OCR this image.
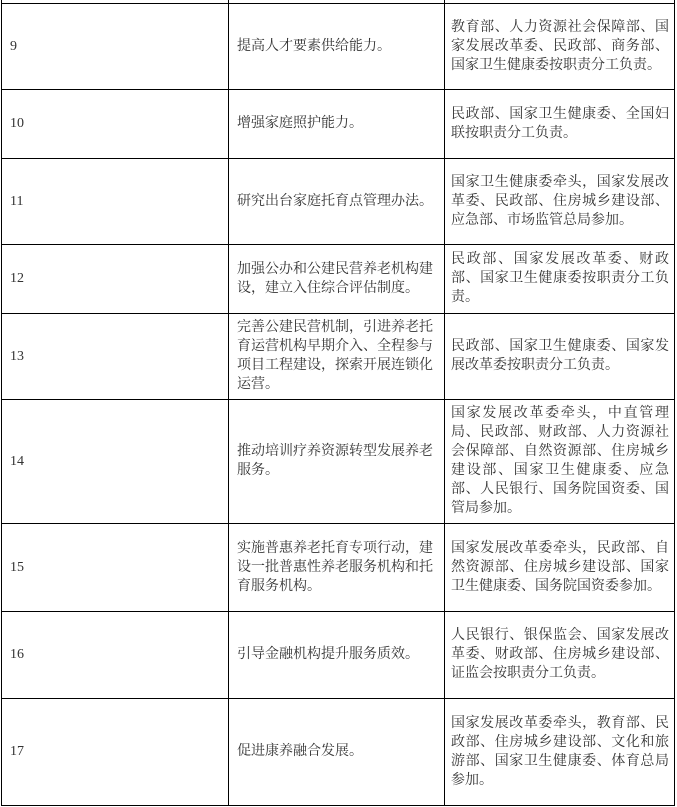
9	提高人才要素供给能力。	教育部、人力资源社会保障部、国家发展改革委、民政部、商务部、国家卫生健康委按职责分工负责。
10	增强家庭照护能力。	民政部、国家卫生健康委、全国妇联按职责分工负责。
11	研究出台家庭托育点管理办法。	国家卫生健康委牵头，国家发展改革委、民政部、住房城乡建设部、应急部、市场监管总局参加。
12	加强公办和公建民营养老机构建设，建立入住综合评估制度。	民政部、国家发展改革委、财政部、国家卫生健康委按职责分工负责。
13	完善公建民营机制，引进养老托育运营机构早期介入、全程参与项目工程建设，探索开展连锁化运营。	民政部、国家卫生健康委、国家发展改革委按职责分工负责。
14	推动培训疗养资源转型发展养老服务。	国家发展改革委牵头，中直管理局、民政部、财政部、人力资源社会保障部、自然资源部、住房城乡建设部、国家卫生健康委、应急部、人民银行、国务院国资委、国管局参加。
15	实施普惠养老托育专项行动，建设一批普惠性养老服务机构和托育服务机构。	国家发展改革委牵头，民政部、自然资源部、住房城乡建设部、国家卫生健康委、国务院国资委参加。
16	引导金融机构提升服务质效。	人民银行、银保监会、国家发展改革委、财政部、住房城乡建设部、证监会按职责分工负责。
17	促进康养融合发展。	国家发展改革委牵头，教育部、民政部、住房城乡建设部、文化和旅游部、国家卫生健康委、体育总局参加。
